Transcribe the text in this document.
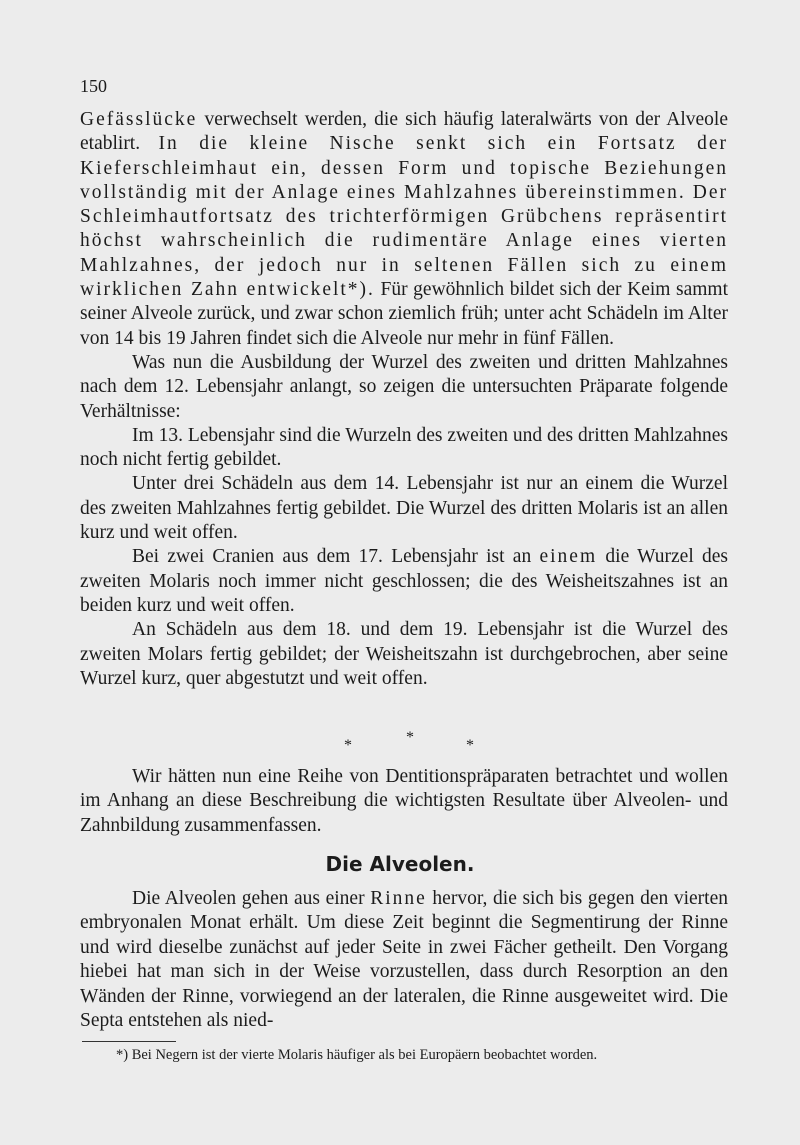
150

Gefässlücke verwechselt werden, die sich häufig lateralwärts von der Alveole etablirt. In die kleine Nische senkt sich ein Fortsatz der Kieferschleimhaut ein, dessen Form und topische Beziehungen vollständig mit der Anlage eines Mahlzahnes übereinstimmen. Der Schleimhautfortsatz des trichterförmigen Grübchens repräsentirt höchst wahrscheinlich die rudimentäre Anlage eines vierten Mahlzahnes, der jedoch nur in seltenen Fällen sich zu einem wirklichen Zahn entwickelt*). Für gewöhnlich bildet sich der Keim sammt seiner Alveole zurück, und zwar schon ziemlich früh; unter acht Schädeln im Alter von 14 bis 19 Jahren findet sich die Alveole nur mehr in fünf Fällen.

Was nun die Ausbildung der Wurzel des zweiten und dritten Mahlzahnes nach dem 12. Lebensjahr anlangt, so zeigen die untersuchten Präparate folgende Verhältnisse:

Im 13. Lebensjahr sind die Wurzeln des zweiten und des dritten Mahlzahnes noch nicht fertig gebildet.

Unter drei Schädeln aus dem 14. Lebensjahr ist nur an einem die Wurzel des zweiten Mahlzahnes fertig gebildet. Die Wurzel des dritten Molaris ist an allen kurz und weit offen.

Bei zwei Cranien aus dem 17. Lebensjahr ist an einem die Wurzel des zweiten Molaris noch immer nicht geschlossen; die des Weisheitszahnes ist an beiden kurz und weit offen.

An Schädeln aus dem 18. und dem 19. Lebensjahr ist die Wurzel des zweiten Molars fertig gebildet; der Weisheitszahn ist durchgebrochen, aber seine Wurzel kurz, quer abgestutzt und weit offen.

*	*	*
Wir hätten nun eine Reihe von Dentitionspräparaten betrachtet und wollen im Anhang an diese Beschreibung die wichtigsten Resultate über Alveolen- und Zahnbildung zusammenfassen.
Die Alveolen.
Die Alveolen gehen aus einer Rinne hervor, die sich bis gegen den vierten embryonalen Monat erhält. Um diese Zeit beginnt die Segmentirung der Rinne und wird dieselbe zunächst auf jeder Seite in zwei Fächer getheilt. Den Vorgang hiebei hat man sich in der Weise vorzustellen, dass durch Resorption an den Wänden der Rinne, vorwiegend an der lateralen, die Rinne ausgeweitet wird. Die Septa entstehen als nied-
*) Bei Negern ist der vierte Molaris häufiger als bei Europäern beobachtet worden.
